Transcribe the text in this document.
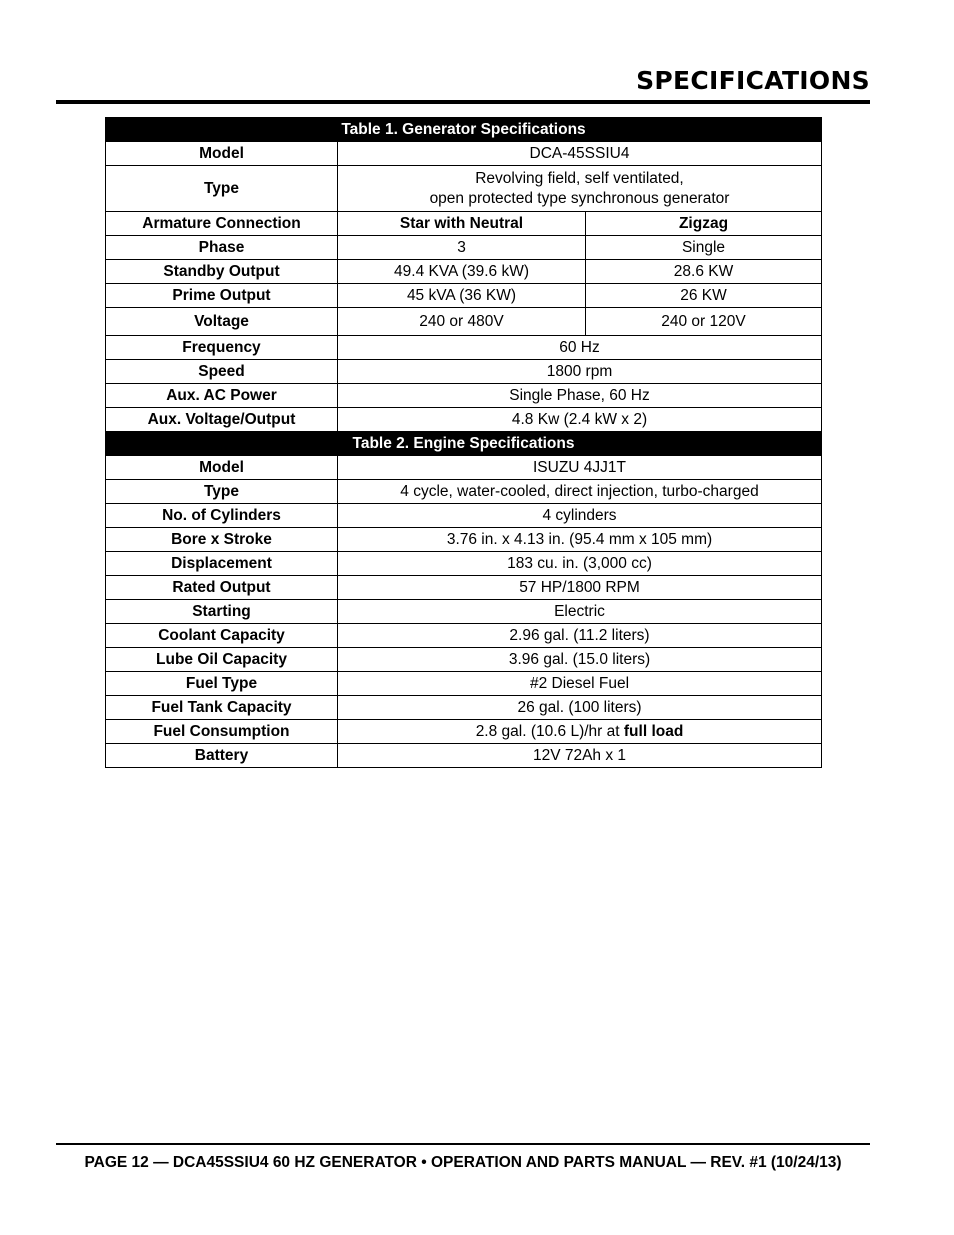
SPECIFICATIONS
Table 1. Generator Specifications		
Model	DCA-45SSIU4	
Type	Revolving field, self ventilated,
open protected type synchronous generator	

Armature Connection	Star with Neutral	Zigzag
Phase	3	Single
Standby Output	49.4 KVA (39.6 kW)	28.6 KW
Prime Output	45 kVA (36 KW)	26 KW
Voltage	240 or 480V	240 or 120V
Frequency	60 Hz	
Speed	1800 rpm	
Aux. AC Power	Single Phase, 60 Hz	
Aux. Voltage/Output	4.8 Kw (2.4 kW x 2)	
Table 2. Engine Specifications		
Model	ISUZU 4JJ1T	
Type	4 cycle, water-cooled, direct injection, turbo-charged	
No. of Cylinders	4 cylinders	
Bore x Stroke	3.76 in. x 4.13 in. (95.4 mm x 105 mm)	
Displacement	183 cu. in. (3,000 cc)	
Rated Output	57 HP/1800 RPM	
Starting	Electric	
Coolant Capacity	2.96 gal. (11.2 liters)	
Lube Oil Capacity	3.96 gal. (15.0 liters)	
Fuel Type	#2 Diesel Fuel	
Fuel Tank Capacity	26 gal. (100 liters)	
Fuel Consumption	2.8 gal. (10.6 L)/hr at full load	
Battery	12V 72Ah x 1	
PAGE 12 — DCA45SSIU4 60 HZ GENERATOR • OPERATION AND PARTS MANUAL — REV. #1 (10/24/13)
